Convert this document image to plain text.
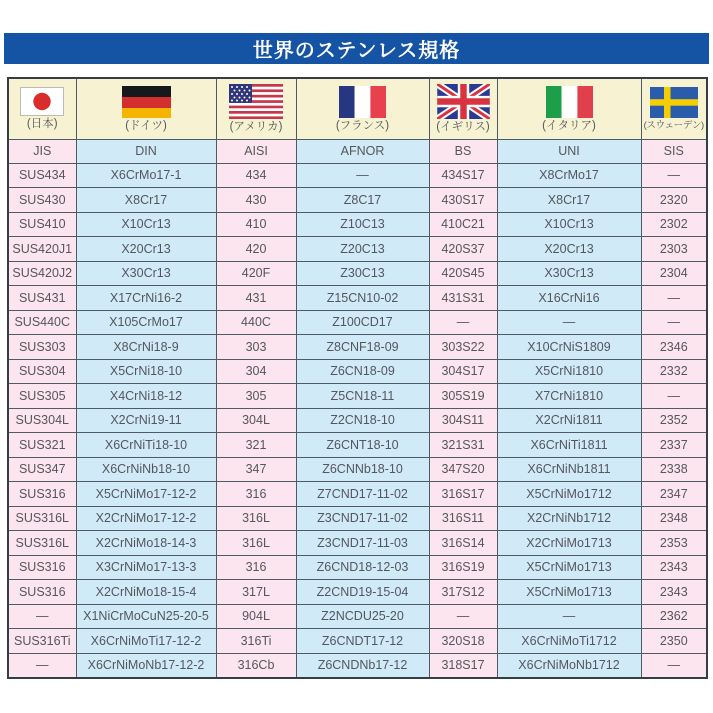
世界のステンレス規格
(日本)	(ドイツ)	(アメリカ)	(フランス)	(イギリス)	(イタリア)	(スウェーデン)

JIS	DIN	AISI	AFNOR	BS	UNI	SIS
SUS434	X6CrMo17-1	434	—	434S17	X8CrMo17	—
SUS430	X8Cr17	430	Z8C17	430S17	X8Cr17	2320
SUS410	X10Cr13	410	Z10C13	410C21	X10Cr13	2302
SUS420J1	X20Cr13	420	Z20C13	420S37	X20Cr13	2303
SUS420J2	X30Cr13	420F	Z30C13	420S45	X30Cr13	2304
SUS431	X17CrNi16-2	431	Z15CN10-02	431S31	X16CrNi16	—
SUS440C	X105CrMo17	440C	Z100CD17	—	—	—
SUS303	X8CrNi18-9	303	Z8CNF18-09	303S22	X10CrNiS1809	2346
SUS304	X5CrNi18-10	304	Z6CN18-09	304S17	X5CrNi1810	2332
SUS305	X4CrNi18-12	305	Z5CN18-11	305S19	X7CrNi1810	—
SUS304L	X2CrNi19-11	304L	Z2CN18-10	304S11	X2CrNi1811	2352
SUS321	X6CrNiTi18-10	321	Z6CNT18-10	321S31	X6CrNiTi1811	2337
SUS347	X6CrNiNb18-10	347	Z6CNNb18-10	347S20	X6CrNiNb1811	2338
SUS316	X5CrNiMo17-12-2	316	Z7CND17-11-02	316S17	X5CrNiMo1712	2347
SUS316L	X2CrNiMo17-12-2	316L	Z3CND17-11-02	316S11	X2CrNiNb1712	2348
SUS316L	X2CrNiMo18-14-3	316L	Z3CND17-11-03	316S14	X2CrNiMo1713	2353
SUS316	X3CrNiMo17-13-3	316	Z6CND18-12-03	316S19	X5CrNiMo1713	2343
SUS316	X2CrNiMo18-15-4	317L	Z2CND19-15-04	317S12	X5CrNiMo1713	2343
—	X1NiCrMoCuN25-20-5	904L	Z2NCDU25-20	—	—	2362
SUS316Ti	X6CrNiMoTi17-12-2	316Ti	Z6CNDT17-12	320S18	X6CrNiMoTi1712	2350
—	X6CrNiMoNb17-12-2	316Cb	Z6CNDNb17-12	318S17	X6CrNiMoNb1712	—
